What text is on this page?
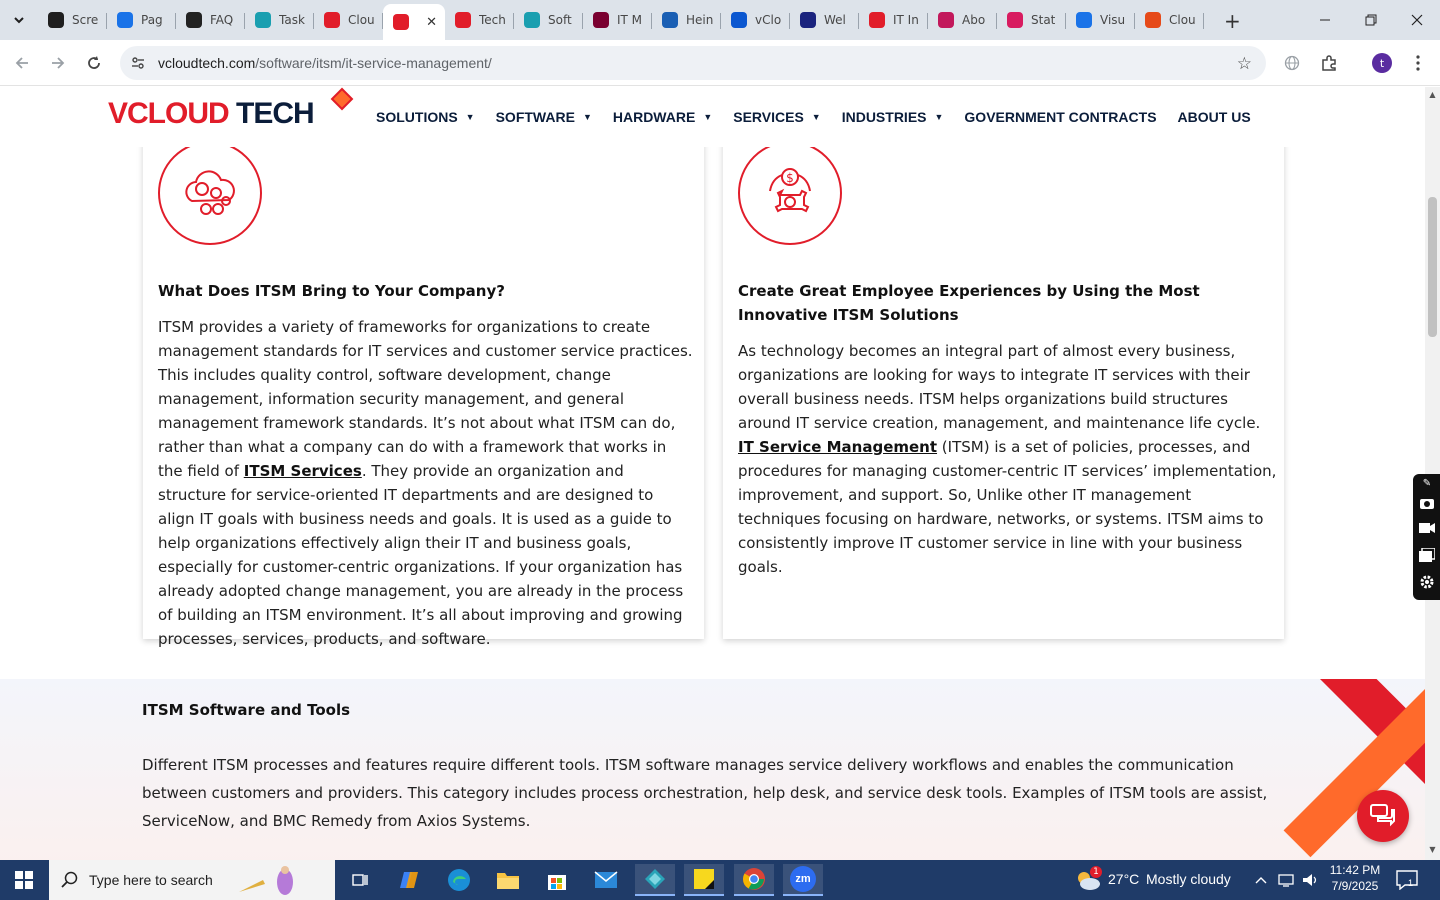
Scre	Pag	FAQ	Task	Clou	✕	Tech	Soft	IT M	Hein	vClo	Wel	IT In	Abo	Stat	Visu	Clou +
vcloudtech.com/software/itsm/it-service-management/	☆	t
VCLOUD TECH	SOLUTIONS ▼ SOFTWARE ▼ HARDWARE ▼ SERVICES ▼ INDUSTRIES ▼ GOVERNMENT CONTRACTS ABOUT US
What Does ITSM Bring to Your Company?
ITSM provides a variety of frameworks for organizations to create management standards for IT services and customer service practices. This includes quality control, software development, change management, information security management, and general management framework standards. It’s not about what ITSM can do, rather than what a company can do with a framework that works in the field of ITSM Services. They provide an organization and structure for service-oriented IT departments and are designed to align IT goals with business needs and goals. It is used as a guide to help organizations effectively align their IT and business goals, especially for customer-centric organizations. If your organization has already adopted change management, you are already in the process of building an ITSM environment. It’s all about improving and growing processes, services, products, and software.
$
Create Great Employee Experiences by Using the Most Innovative ITSM Solutions
As technology becomes an integral part of almost every business, organizations are looking for ways to integrate IT services with their overall business needs. ITSM helps organizations build structures around IT service creation, management, and maintenance life cycle. IT Service Management (ITSM) is a set of policies, processes, and procedures for managing customer-centric IT services’ implementation, improvement, and support. So, Unlike other IT management techniques focusing on hardware, networks, or systems. ITSM aims to consistently improve IT customer service in line with your business goals.
ITSM Software and Tools
Different ITSM processes and features require different tools. ITSM software manages service delivery workflows and enables the communication between customers and providers. This category includes process orchestration, help desk, and service desk tools. Examples of ITSM tools are assist, ServiceNow, and BMC Remedy from Axios Systems.
✎
▲
▼
Type here to search	zm
1 27°C Mostly cloudy
11:42 PM
7/9/2025	1
